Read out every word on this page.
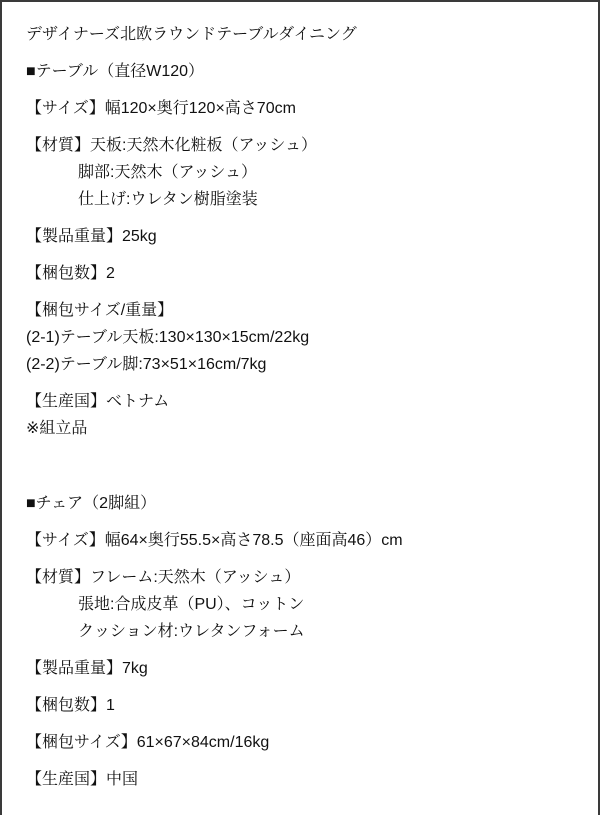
デザイナーズ北欧ラウンドテーブルダイニング
■テーブル（直径W120）
【サイズ】幅120×奥行120×高さ70cm
【材質】天板:天然木化粧板（アッシュ）
脚部:天然木（アッシュ）
仕上げ:ウレタン樹脂塗装
【製品重量】25kg
【梱包数】2
【梱包サイズ/重量】
(2-1)テーブル天板:130×130×15cm/22kg
(2-2)テーブル脚:73×51×16cm/7kg
【生産国】ベトナム
※組立品
■チェア（2脚組）
【サイズ】幅64×奥行55.5×高さ78.5（座面高46）cm
【材質】フレーム:天然木（アッシュ）
張地:合成皮革（PU）、コットン
クッション材:ウレタンフォーム
【製品重量】7kg
【梱包数】1
【梱包サイズ】61×67×84cm/16kg
【生産国】中国
